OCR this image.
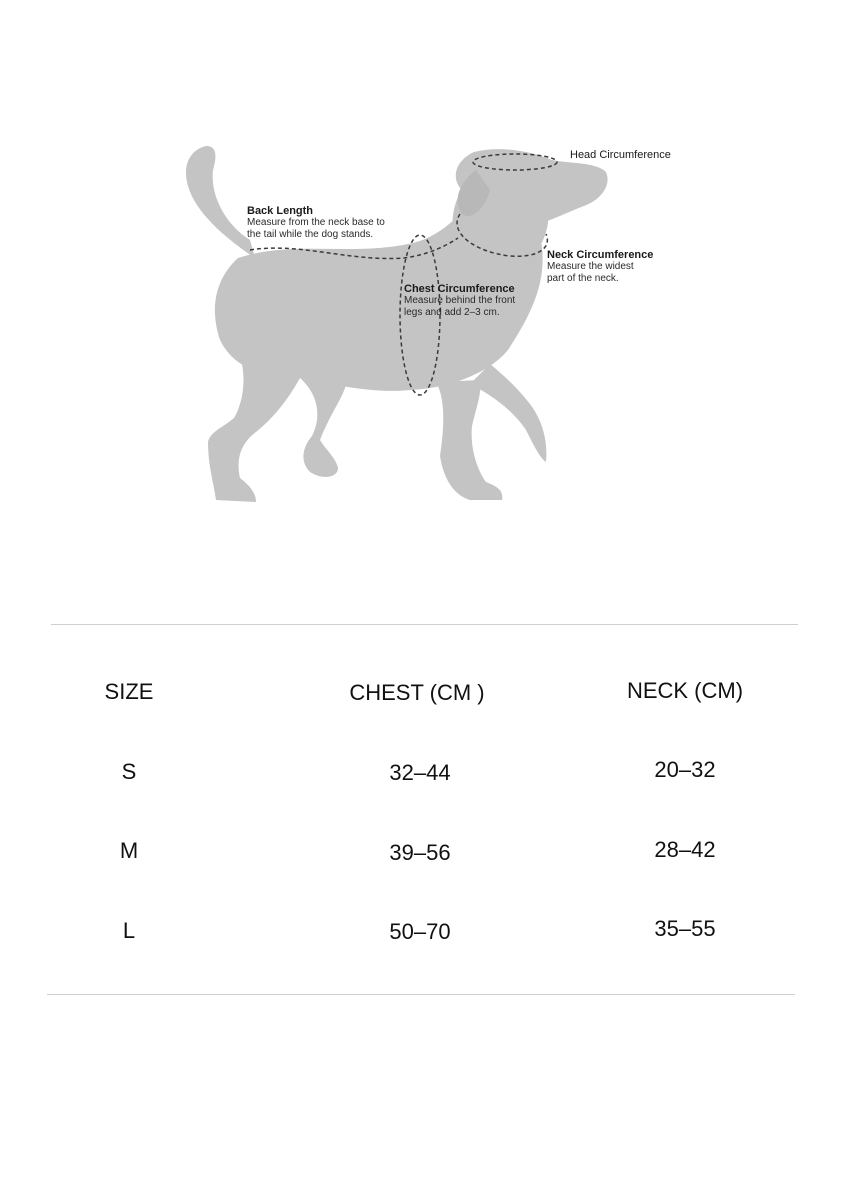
Head Circumference
Back Length
Measure from the neck base to
the tail while the dog stands.
Neck Circumference
Measure the widest
part of the neck.
Chest Circumference
Measure behind the front
legs and add 2–3 cm.
SIZE	CHEST (CM )	NECK (CM)
S	32–44	20–32
M	39–56	28–42
L	50–70	35–55
